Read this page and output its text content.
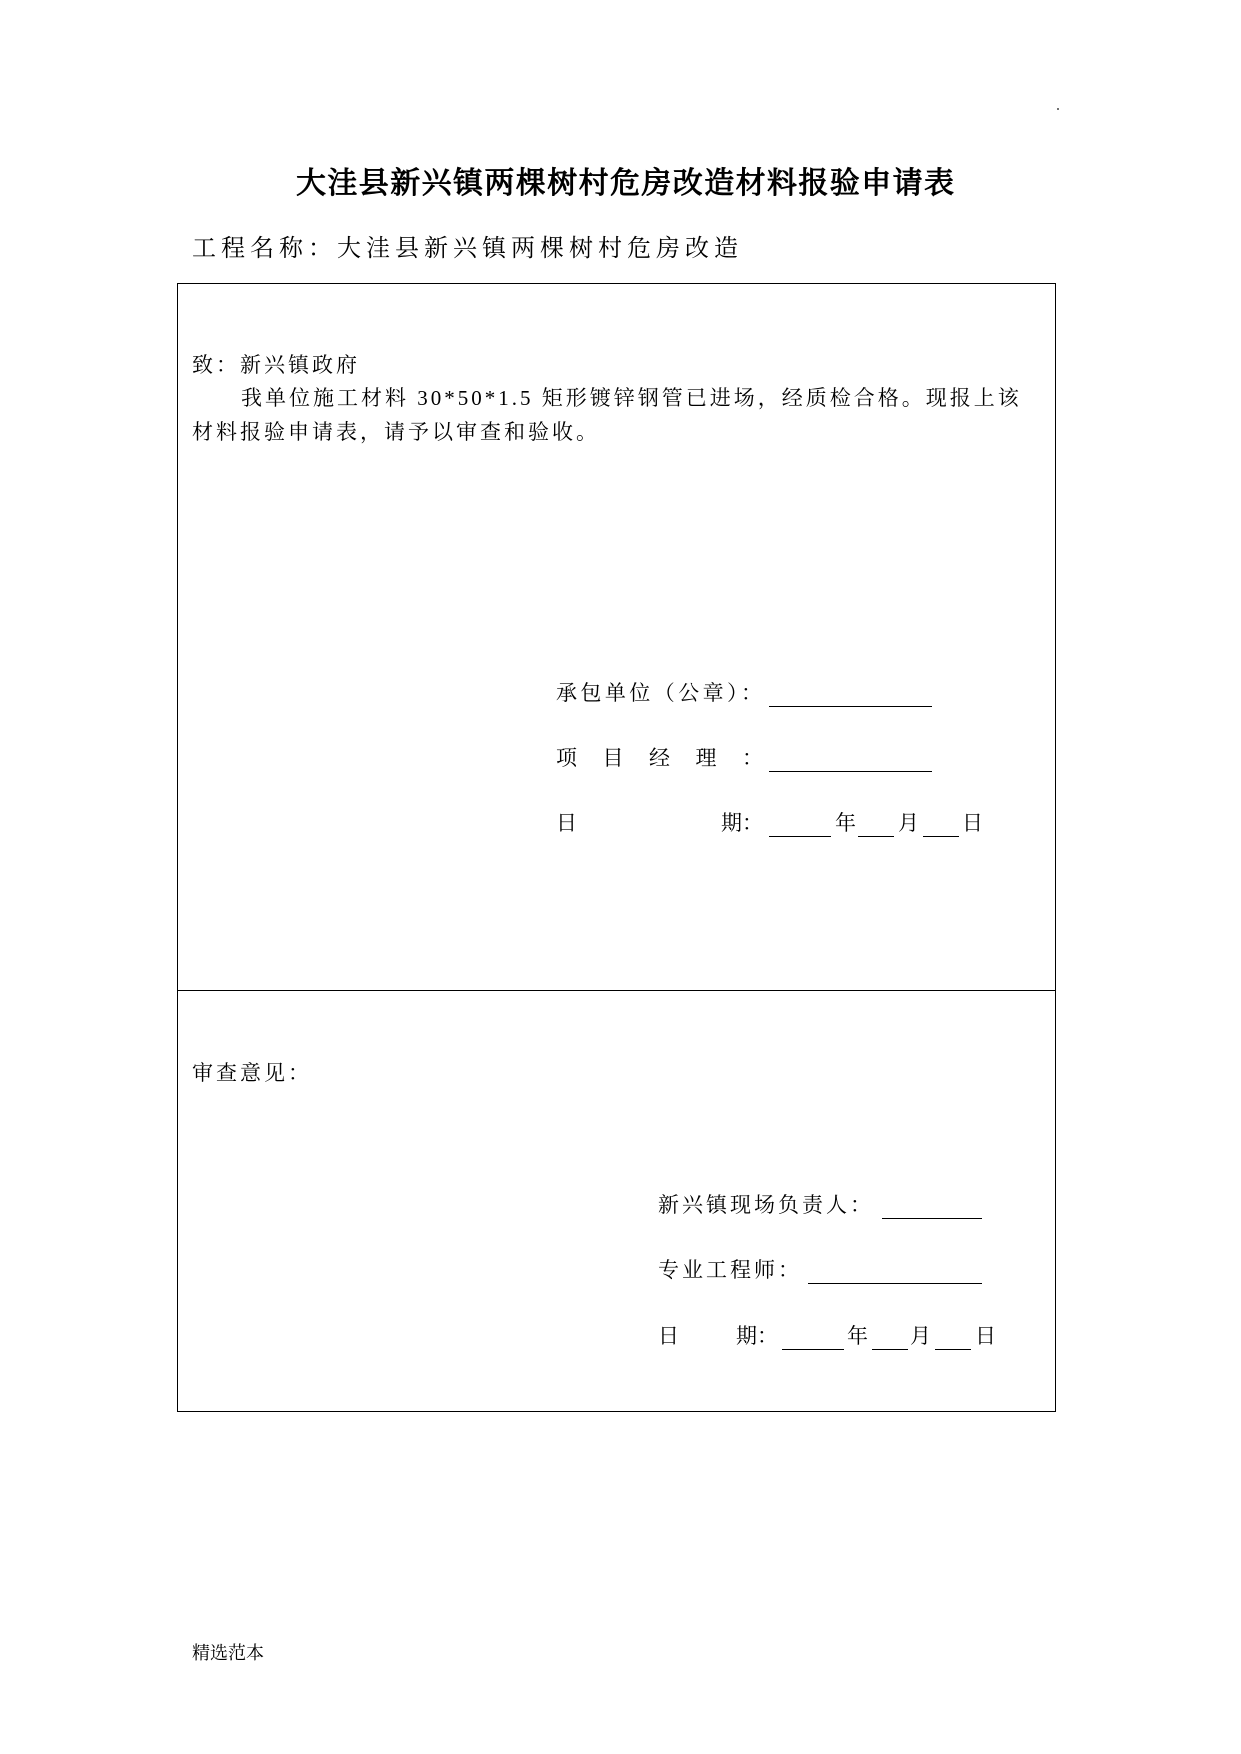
大洼县新兴镇两棵树村危房改造材料报验申请表
工程名称：大洼县新兴镇两棵树村危房改造
致：新兴镇政府
我单位施工材料 30*50*1.5 矩形镀锌钢管已进场，经质检合格。现报上该
材料报验申请表，请予以审查和验收。
承包单位（公章）：
项 目 经 理 ：
日	期：	年 月 日
审查意见：
新兴镇现场负责人：
专业工程师：
日	期：	年 月 日
精选范本
